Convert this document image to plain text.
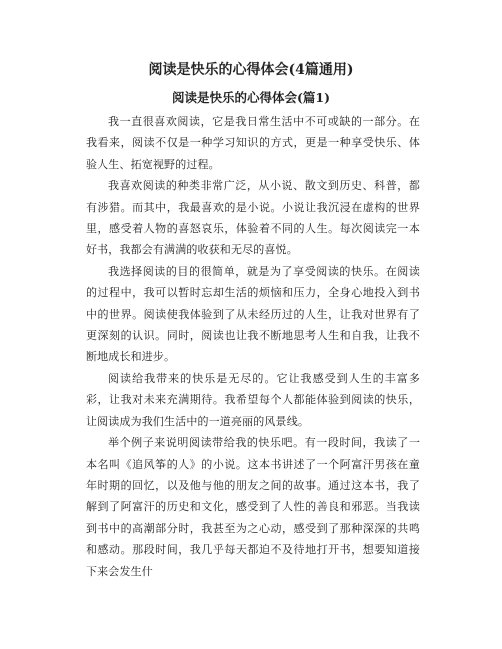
阅读是快乐的心得体会(4篇通用)
阅读是快乐的心得体会(篇1)

我一直很喜欢阅读，它是我日常生活中不可或缺的一部分。在我看来，阅读不仅是一种学习知识的方式，更是一种享受快乐、体验人生、拓宽视野的过程。

我喜欢阅读的种类非常广泛，从小说、散文到历史、科普，都有涉猎。而其中，我最喜欢的是小说。小说让我沉浸在虚构的世界里，感受着人物的喜怒哀乐，体验着不同的人生。每次阅读完一本好书，我都会有满满的收获和无尽的喜悦。

我选择阅读的目的很简单，就是为了享受阅读的快乐。在阅读的过程中，我可以暂时忘却生活的烦恼和压力，全身心地投入到书中的世界。阅读使我体验到了从未经历过的人生，让我对世界有了更深刻的认识。同时，阅读也让我不断地思考人生和自我，让我不断地成长和进步。

阅读给我带来的快乐是无尽的。它让我感受到人生的丰富多彩，让我对未来充满期待。我希望每个人都能体验到阅读的快乐，让阅读成为我们生活中的一道亮丽的风景线。

举个例子来说明阅读带给我的快乐吧。有一段时间，我读了一本名叫《追风筝的人》的小说。这本书讲述了一个阿富汗男孩在童年时期的回忆，以及他与他的朋友之间的故事。通过这本书，我了解到了阿富汗的历史和文化，感受到了人性的善良和邪恶。当我读到书中的高潮部分时，我甚至为之心动，感受到了那种深深的共鸣和感动。那段时间，我几乎每天都迫不及待地打开书，想要知道接下来会发生什
